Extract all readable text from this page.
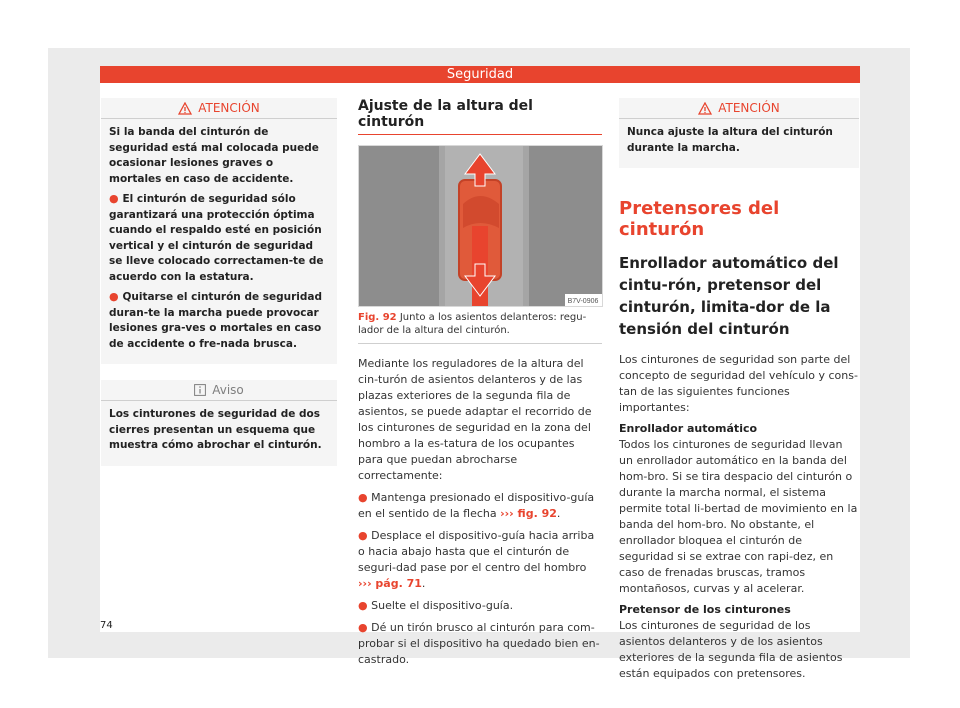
Seguridad
ATENCIÓN

Si la banda del cinturón de seguridad está mal colocada puede ocasionar lesiones graves o mortales en caso de accidente.

● El cinturón de seguridad sólo garantizará una protección óptima cuando el respaldo esté en posición vertical y el cinturón de seguridad se lleve colocado correctamen-te de acuerdo con la estatura.

● Quitarse el cinturón de seguridad duran-te la marcha puede provocar lesiones gra-ves o mortales en caso de accidente o fre-nada brusca.

Aviso

Los cinturones de seguridad de dos cierres presentan un esquema que muestra cómo abrochar el cinturón.

Ajuste de la altura del cinturón
B7V-0906
Fig. 92 Junto a los asientos delanteros: regu-lador de la altura del cinturón.

Mediante los reguladores de la altura del cin-turón de asientos delanteros y de las plazas exteriores de la segunda fila de asientos, se puede adaptar el recorrido de los cinturones de seguridad en la zona del hombro a la es-tatura de los ocupantes para que puedan abrocharse correctamente:

● Mantenga presionado el dispositivo-guía en el sentido de la flecha ››› fig. 92.

● Desplace el dispositivo-guía hacia arriba o hacia abajo hasta que el cinturón de seguri-dad pase por el centro del hombro ››› pág. 71.

● Suelte el dispositivo-guía.

● Dé un tirón brusco al cinturón para com-probar si el dispositivo ha quedado bien en-castrado.

ATENCIÓN

Nunca ajuste la altura del cinturón durante la marcha.

Pretensores del cinturón
Enrollador automático del cintu-rón, pretensor del cinturón, limita-dor de la tensión del cinturón

Los cinturones de seguridad son parte del concepto de seguridad del vehículo y cons-tan de las siguientes funciones importantes:

Enrollador automático

Todos los cinturones de seguridad llevan un enrollador automático en la banda del hom-bro. Si se tira despacio del cinturón o durante la marcha normal, el sistema permite total li-bertad de movimiento en la banda del hom-bro. No obstante, el enrollador bloquea el cinturón de seguridad si se extrae con rapi-dez, en caso de frenadas bruscas, tramos montañosos, curvas y al acelerar.

Pretensor de los cinturones

Los cinturones de seguridad de los asientos delanteros y de los asientos exteriores de la segunda fila de asientos están equipados con pretensores.

74
